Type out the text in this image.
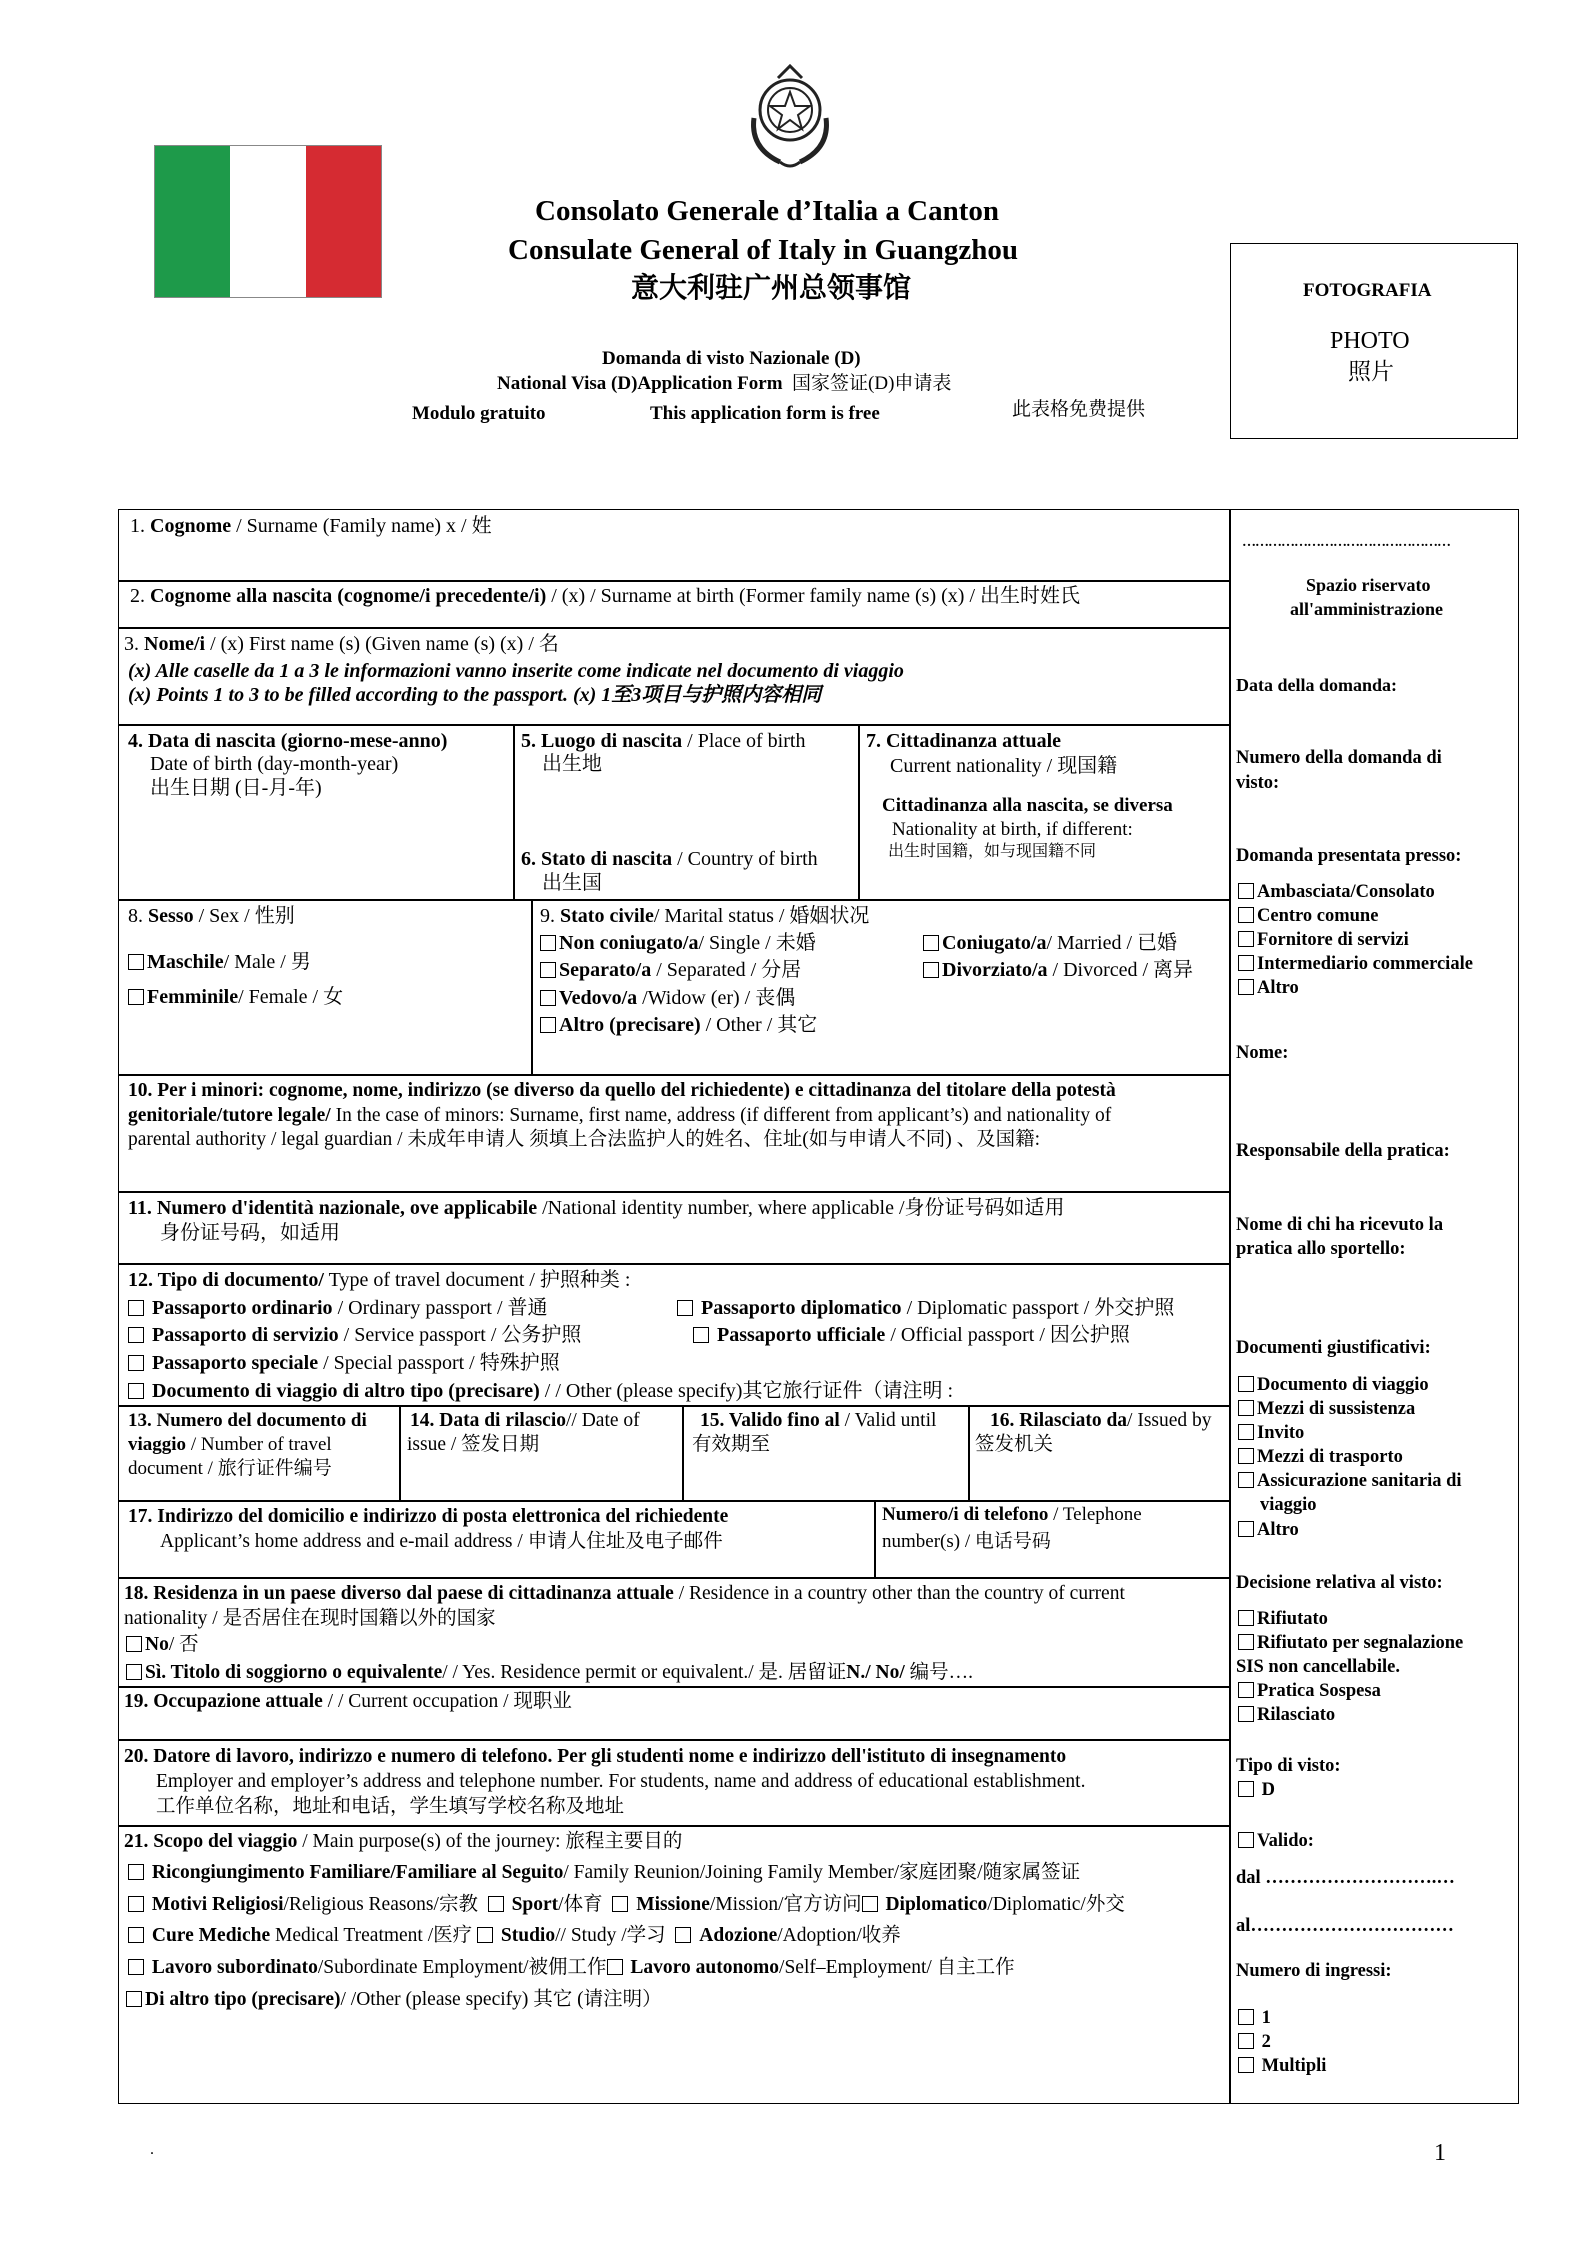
Consolato Generale d’Italia a Canton
Consulate General of Italy in Guangzhou
意大利驻广州总领事馆
Domanda di visto Nazionale (D)
National Visa (D)Application Form 国家签证(D)申请表
Modulo gratuito	This application form is free	此表格免费提供
FOTOGRAFIA
PHOTO
照片
1. Cognome / Surname (Family name) x / 姓
2. Cognome alla nascita (cognome/i precedente/i) / (x) / Surname at birth (Former family name (s) (x) / 出生时姓氏
3. Nome/i / (x) First name (s) (Given name (s) (x) / 名
(x) Alle caselle da 1 a 3 le informazioni vanno inserite come indicate nel documento di viaggio
(x) Points 1 to 3 to be filled according to the passport. (x) 1至3项目与护照内容相同
4. Data di nascita (giorno-mese-anno)
Date of birth (day-month-year)
出生日期 (日-月-年)
5. Luogo di nascita / Place of birth
出生地
6. Stato di nascita / Country of birth
出生国
7. Cittadinanza attuale
Current nationality / 现国籍
Cittadinanza alla nascita, se diversa
Nationality at birth, if different:
出生时国籍，如与现国籍不同
8. Sesso / Sex / 性别
Maschile/ Male / 男
Femminile/ Female / 女
9. Stato civile/ Marital status / 婚姻状况
Non coniugato/a/ Single / 未婚
Separato/a / Separated / 分居
Vedovo/a /Widow (er) / 丧偶
Altro (precisare) / Other / 其它
Coniugato/a/ Married / 已婚
Divorziato/a / Divorced / 离异
10. Per i minori: cognome, nome, indirizzo (se diverso da quello del richiedente) e cittadinanza del titolare della potestà
genitoriale/tutore legale/ In the case of minors: Surname, first name, address (if different from applicant’s) and nationality of
parental authority / legal guardian / 未成年申请人 须填上合法监护人的姓名、住址(如与申请人不同) 、及国籍:
11. Numero d'identità nazionale, ove applicabile /National identity number, where applicable /身份证号码如适用
身份证号码，如适用
12. Tipo di documento/ Type of travel document / 护照种类 :
Passaporto ordinario / Ordinary passport / 普通
Passaporto di servizio / Service passport / 公务护照
Passaporto speciale / Special passport / 特殊护照
Documento di viaggio di altro tipo (precisare) / / Other (please specify)其它旅行证件（请注明 :
Passaporto diplomatico / Diplomatic passport / 外交护照
Passaporto ufficiale / Official passport / 因公护照
13. Numero del documento di
viaggio / Number of travel
document / 旅行证件编号
14. Data di rilascio// Date of
issue / 签发日期
15. Valido fino al / Valid until
有效期至
16. Rilasciato da/ Issued by
签发机关
17. Indirizzo del domicilio e indirizzo di posta elettronica del richiedente
Applicant’s home address and e-mail address / 申请人住址及电子邮件
Numero/i di telefono / Telephone
number(s) / 电话号码
18. Residenza in un paese diverso dal paese di cittadinanza attuale / Residence in a country other than the country of current
nationality / 是否居住在现时国籍以外的国家
No/ 否
Sì. Titolo di soggiorno o equivalente/ / Yes. Residence permit or equivalent./ 是. 居留证N./ No/ 编号….
19. Occupazione attuale / / Current occupation / 现职业
20. Datore di lavoro, indirizzo e numero di telefono. Per gli studenti nome e indirizzo dell'istituto di insegnamento
Employer and employer’s address and telephone number. For students, name and address of educational establishment.
工作单位名称，地址和电话，学生填写学校名称及地址
21. Scopo del viaggio / Main purpose(s) of the journey: 旅程主要目的
Ricongiungimento Familiare/Familiare al Seguito/ Family Reunion/Joining Family Member/家庭团聚/随家属签证
Motivi Religiosi/Religious Reasons/宗教 Sport/体育 Missione/Mission/官方访问 Diplomatico/Diplomatic/外交
Cure Mediche Medical Treatment /医疗 Studio// Study /学习 Adozione/Adoption/收养
Lavoro subordinato/Subordinate Employment/被佣工作 Lavoro autonomo/Self–Employment/ 自主工作
Di altro tipo (precisare)/ /Other (please specify) 其它 (请注明）
…………………………………………
Spazio riservato
all'amministrazione
Data della domanda:
Numero della domanda di
visto:
Domanda presentata presso:
Ambasciata/Consolato
Centro comune
Fornitore di servizi
Intermediario commerciale
Altro
Nome:
Responsabile della pratica:
Nome di chi ha ricevuto la
pratica allo sportello:
Documenti giustificativi:
Documento di viaggio
Mezzi di sussistenza
Invito
Mezzi di trasporto
Assicurazione sanitaria di
viaggio
Altro
Decisione relativa al visto:
Rifiutato
Rifiutato per segnalazione
SIS non cancellabile.
Pratica Sospesa
Rilasciato
Tipo di visto:
D
Valido:
dal ……………………….…
al……………………………
Numero di ingressi:
1
2
Multipli
.	1
